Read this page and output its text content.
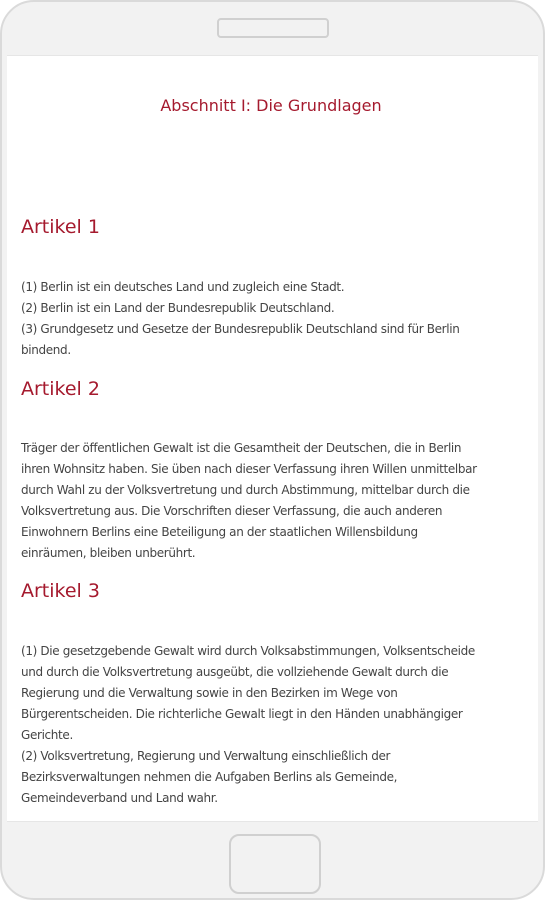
Abschnitt I: Die Grundlagen
Artikel 1
(1) Berlin ist ein deutsches Land und zugleich eine Stadt.
(2) Berlin ist ein Land der Bundesrepublik Deutschland.
(3) Grundgesetz und Gesetze der Bundesrepublik Deutschland sind für Berlin
bindend.
Artikel 2
Träger der öffentlichen Gewalt ist die Gesamtheit der Deutschen, die in Berlin
ihren Wohnsitz haben. Sie üben nach dieser Verfassung ihren Willen unmittelbar
durch Wahl zu der Volksvertretung und durch Abstimmung, mittelbar durch die
Volksvertretung aus. Die Vorschriften dieser Verfassung, die auch anderen
Einwohnern Berlins eine Beteiligung an der staatlichen Willensbildung
einräumen, bleiben unberührt.
Artikel 3
(1) Die gesetzgebende Gewalt wird durch Volksabstimmungen, Volksentscheide
und durch die Volksvertretung ausgeübt, die vollziehende Gewalt durch die
Regierung und die Verwaltung sowie in den Bezirken im Wege von
Bürgerentscheiden. Die richterliche Gewalt liegt in den Händen unabhängiger
Gerichte.
(2) Volksvertretung, Regierung und Verwaltung einschließlich der
Bezirksverwaltungen nehmen die Aufgaben Berlins als Gemeinde,
Gemeindeverband und Land wahr.
